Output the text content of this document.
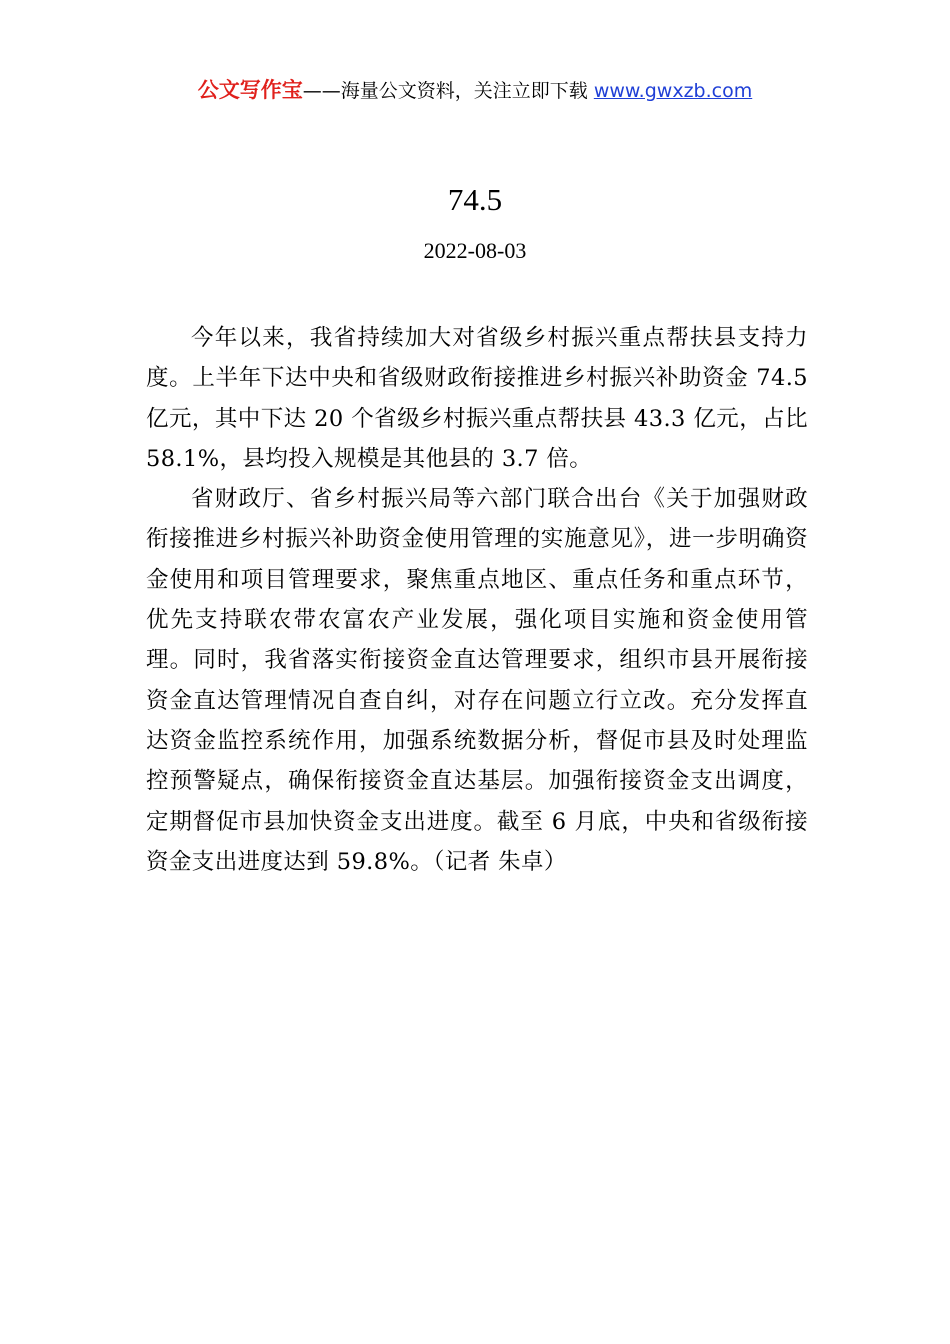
公文写作宝——海量公文资料，关注立即下载 www.gwxzb.com
74.5
2022-08-03

今年以来，我省持续加大对省级乡村振兴重点帮扶县支持力度。上半年下达中央和省级财政衔接推进乡村振兴补助资金 74.5 亿元，其中下达 20 个省级乡村振兴重点帮扶县 43.3 亿元，占比 58.1%，县均投入规模是其他县的 3.7 倍。

省财政厅、省乡村振兴局等六部门联合出台《关于加强财政衔接推进乡村振兴补助资金使用管理的实施意见》，进一步明确资金使用和项目管理要求，聚焦重点地区、重点任务和重点环节，优先支持联农带农富农产业发展，强化项目实施和资金使用管理。同时，我省落实衔接资金直达管理要求，组织市县开展衔接资金直达管理情况自查自纠，对存在问题立行立改。充分发挥直达资金监控系统作用，加强系统数据分析，督促市县及时处理监控预警疑点，确保衔接资金直达基层。加强衔接资金支出调度，定期督促市县加快资金支出进度。截至 6 月底，中央和省级衔接资金支出进度达到 59.8%。（记者 朱卓）
